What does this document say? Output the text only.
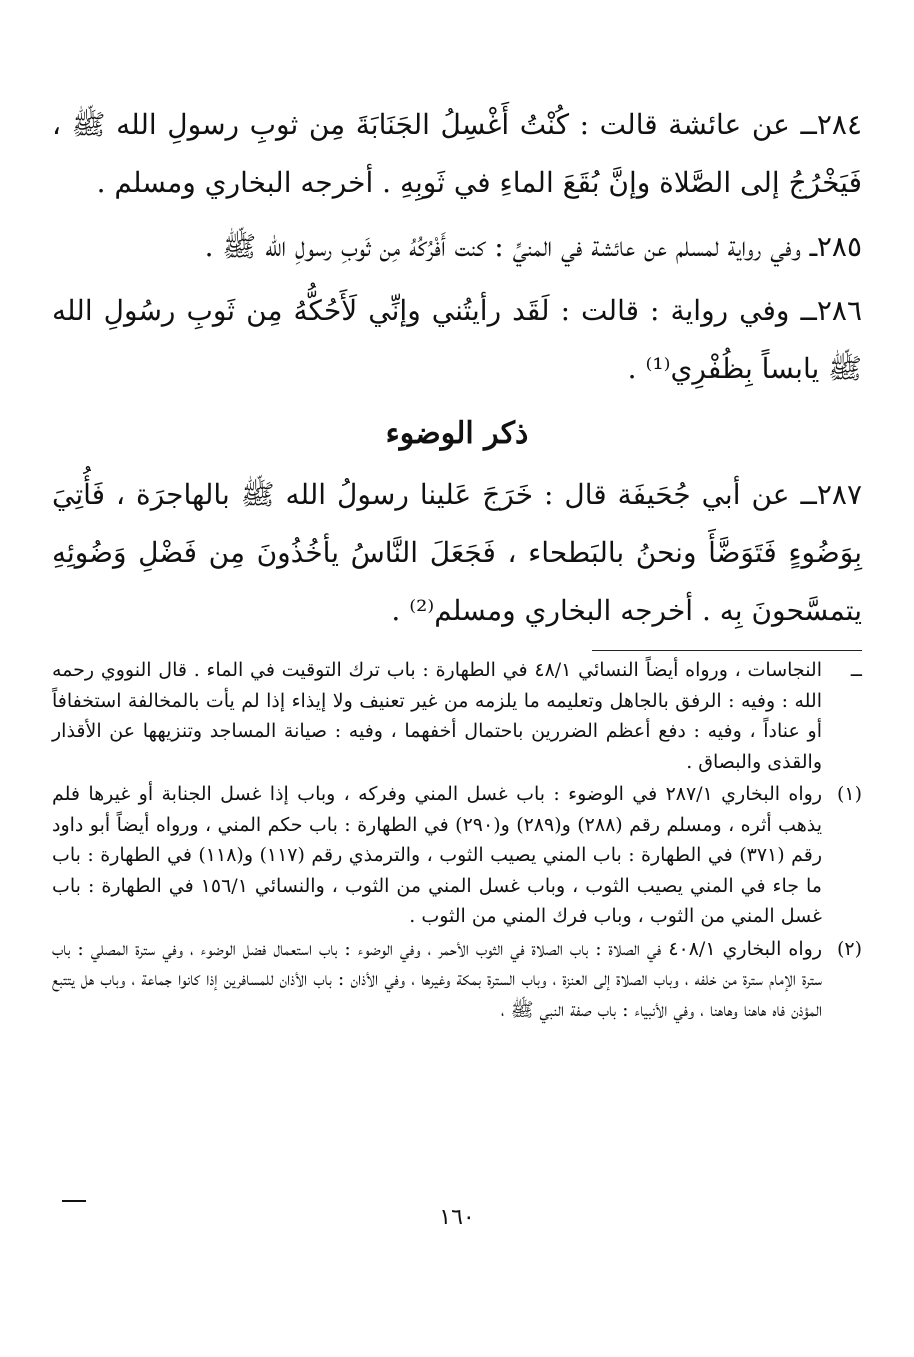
٢٨٤ــ عن عائشة قالت : كُنْتُ أَغْسِلُ الجَنَابَةَ مِن ثوبِ رسولِ الله ﷺ ، فَيَخْرُجُ إلى الصَّلاة وإنَّ بُقَعَ الماءِ في ثَوبِهِ . أخرجه البخاري ومسلم .

٢٨٥ــ وفي رواية لمسلم عن عائشة في المنيِّ : كنت أَفْرُكُهُ مِن ثَوبِ رسولِ الله ﷺ .

٢٨٦ــ وفي رواية : قالت : لَقَد رأيتُني وإنِّي لَأَحُكُّهُ مِن ثَوبِ رسُولِ الله ﷺ يابساً بِظُفْرِي⁽¹⁾ .

ذكر الوضوء

٢٨٧ــ عن أبي جُحَيفَة قال : خَرَجَ عَلينا رسولُ الله ﷺ بالهاجرَة ، فَأُتِيَ بِوَضُوءٍ فَتَوَضَّأَ ونحنُ بالبَطحاء ، فَجَعَلَ النَّاسُ يأخُذُونَ مِن فَضْلِ وَضُوئِهِ يتمسَّحونَ بِه . أخرجه البخاري ومسلم⁽²⁾ .

ــ
النجاسات ، ورواه أيضاً النسائي ٤٨/١ في الطهارة : باب ترك التوقيت في الماء . قال النووي رحمه الله : وفيه : الرفق بالجاهل وتعليمه ما يلزمه من غير تعنيف ولا إيذاء إذا لم يأت بالمخالفة استخفافاً أو عناداً ، وفيه : دفع أعظم الضررين باحتمال أخفهما ، وفيه : صيانة المساجد وتنزيهها عن الأقذار والقذى والبصاق .
(١)
رواه البخاري ٢٨٧/١ في الوضوء : باب غسل المني وفركه ، وباب إذا غسل الجنابة أو غيرها فلم يذهب أثره ، ومسلم رقم (٢٨٨) و(٢٨٩) و(٢٩٠) في الطهارة : باب حكم المني ، ورواه أيضاً أبو داود رقم (٣٧١) في الطهارة : باب المني يصيب الثوب ، والترمذي رقم (١١٧) و(١١٨) في الطهارة : باب ما جاء في المني يصيب الثوب ، وباب غسل المني من الثوب ، والنسائي ١٥٦/١ في الطهارة : باب غسل المني من الثوب ، وباب فرك المني من الثوب .
(٢)
رواه البخاري ٤٠٨/١ في الصلاة : باب الصلاة في الثوب الأحمر ، وفي الوضوء : باب استعمال فضل الوضوء ، وفي سترة المصلي : باب سترة الإمام سترة من خلفه ، وباب الصلاة إلى العنزة ، وباب السترة بمكة وغيرها ، وفي الأذان : باب الأذان للمسافرين إذا كانوا جماعة ، وباب هل يتتبع المؤذن فاه هاهنا وهاهنا ، وفي الأنبياء : باب صفة النبي ﷺ ،
١٦٠
